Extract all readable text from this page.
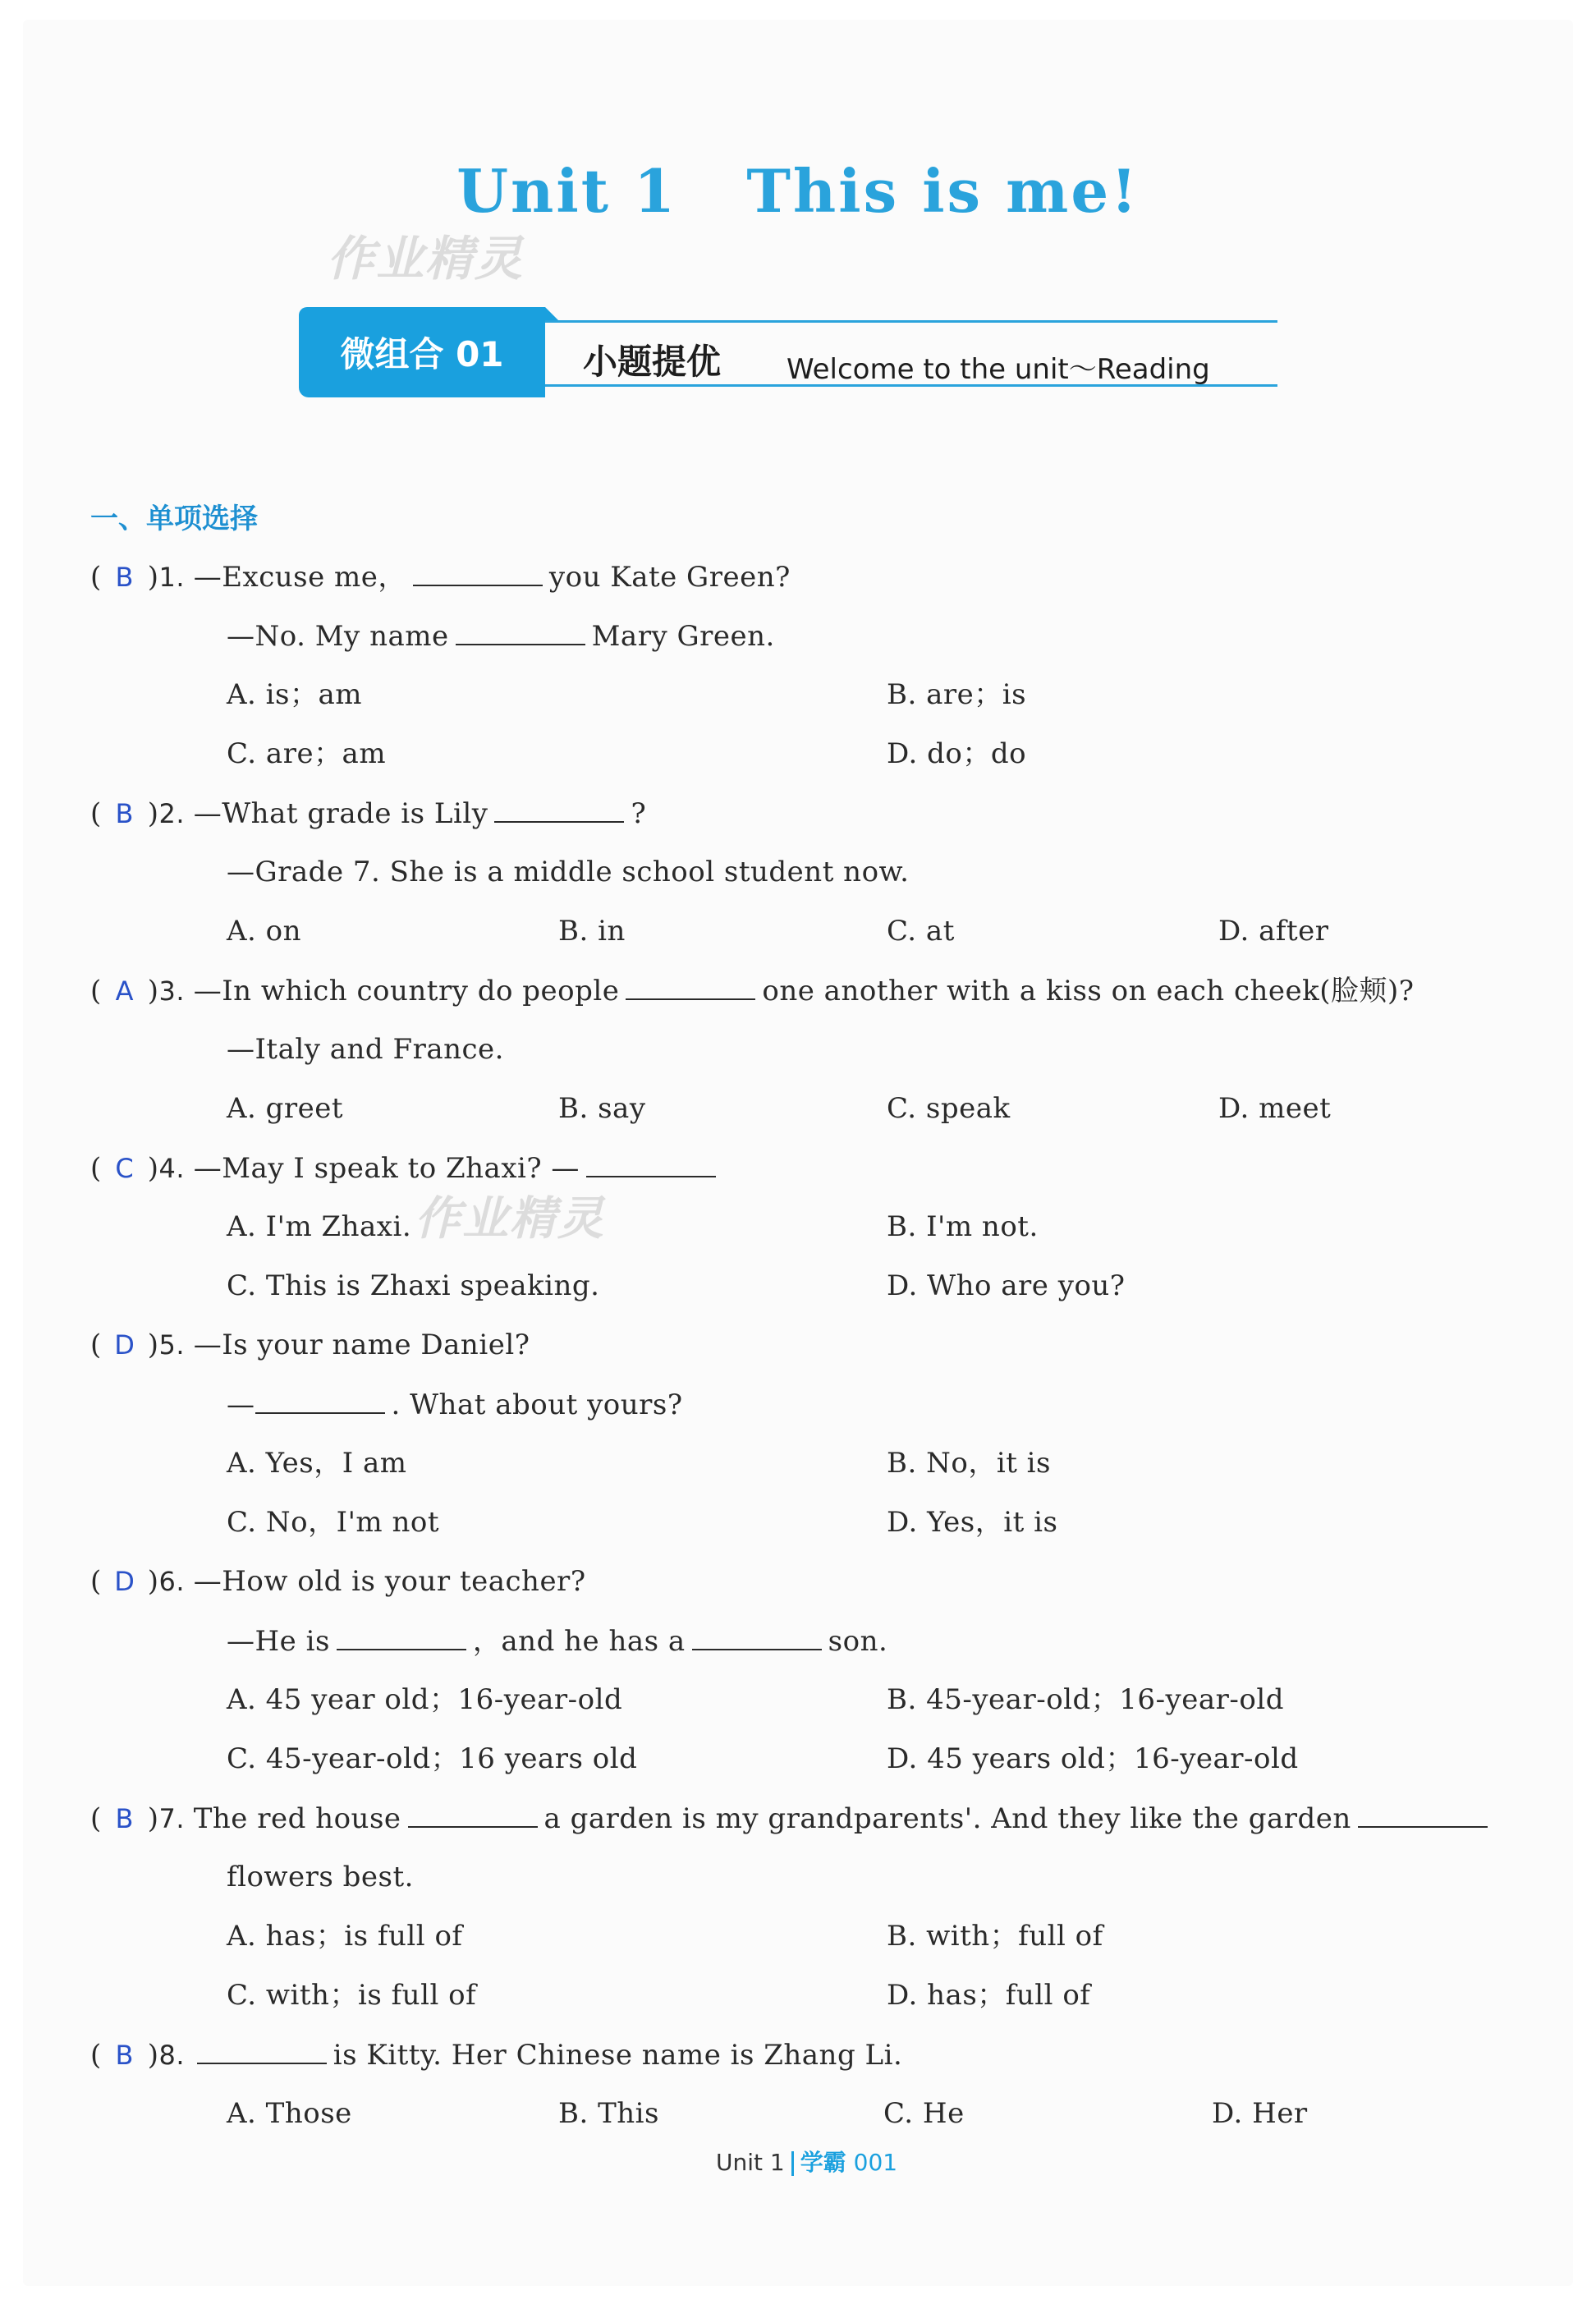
Unit 1   This is me!
作业精灵
微组合 01	小题提优 Welcome to the unit～Reading
一、单项选择
( B )1. —Excuse me，	you Kate Green?
—No. My name	Mary Green.
A. is；am	B. are；is
C. are；am	D. do；do
( B )2. —What grade is Lily	?
—Grade 7. She is a middle school student now.
A. on	B. in	C. at	D. after
( A )3. —In which country do people	one another with a kiss on each cheek(脸颊)?
—Italy and France.
A. greet	B. say	C. speak	D. meet
( C )4. —May I speak to Zhaxi? —
作业精灵
A. I'm Zhaxi.	B. I'm not.
C. This is Zhaxi speaking.	D. Who are you?
( D )5. —Is your name Daniel?
—	. What about yours?
A. Yes，I am	B. No，it is
C. No，I'm not	D. Yes，it is
( D )6. —How old is your teacher?
—He is	，and he has a	son.
A. 45 year old；16-year-old	B. 45-year-old；16-year-old
C. 45-year-old；16 years old	D. 45 years old；16-year-old
( B )7. The red house	a garden is my grandparents'. And they like the garden
flowers best.
A. has；is full of	B. with；full of
C. with；is full of	D. has；full of
( B )8.	is Kitty. Her Chinese name is Zhang Li.
A. Those	B. This	C. He	D. Her
Unit 1 学霸 001
